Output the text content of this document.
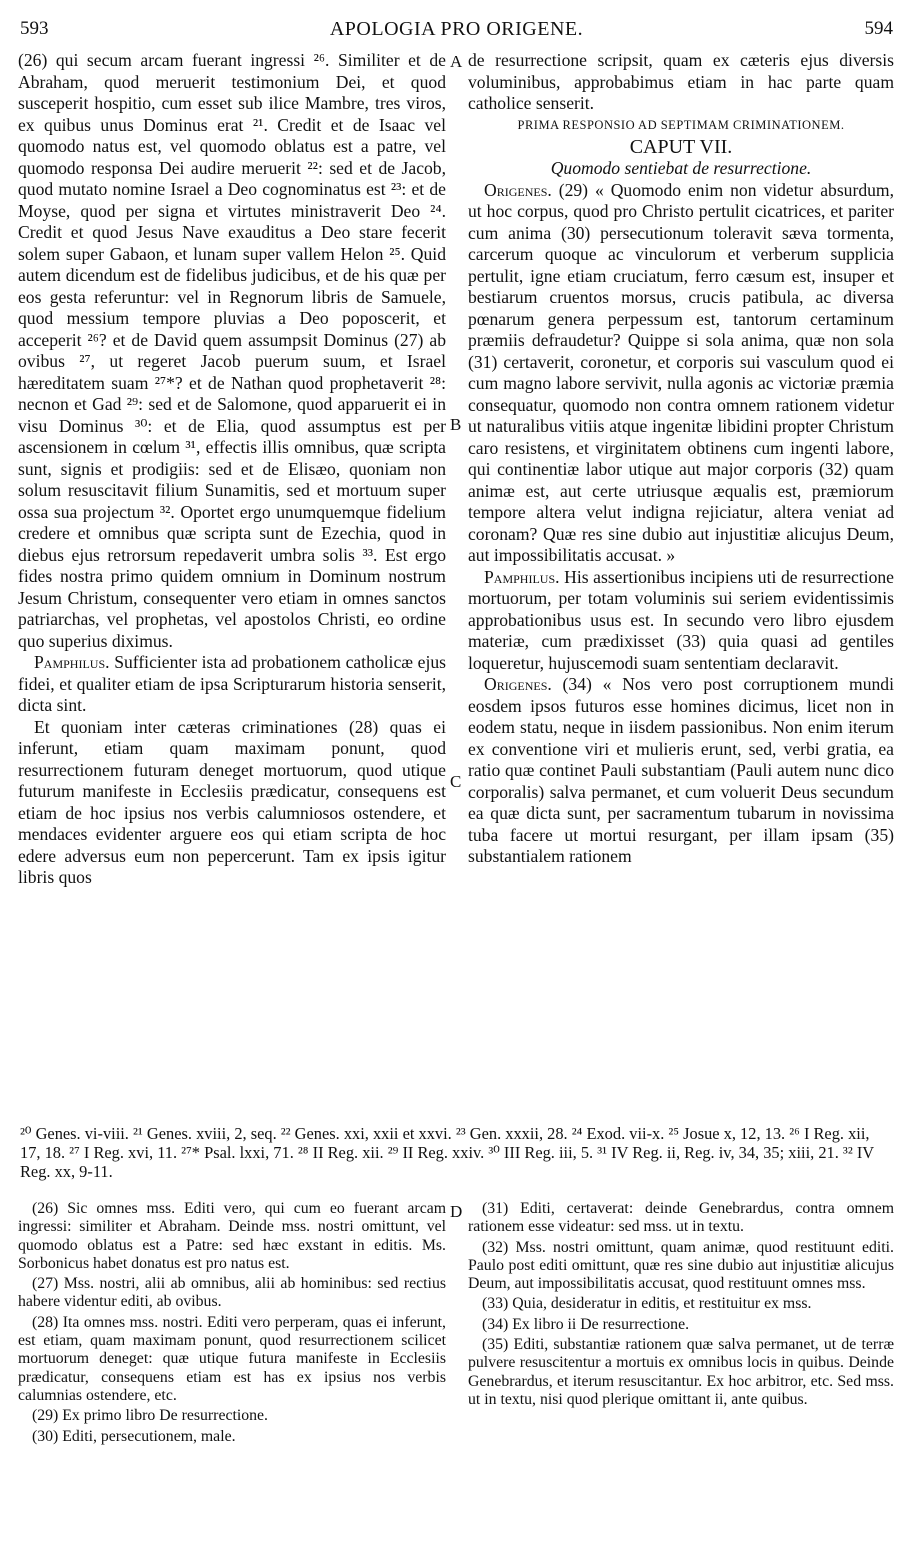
593	APOLOGIA PRO ORIGENE.	594
A
B
C
D

(26) qui secum arcam fuerant ingressi ²⁶. Similiter et de Abraham, quod meruerit testimonium Dei, et quod susceperit hospitio, cum esset sub ilice Mambre, tres viros, ex quibus unus Dominus erat ²¹. Credit et de Isaac vel quomodo natus est, vel quomodo oblatus est a patre, vel quomodo responsa Dei audire meruerit ²²: sed et de Jacob, quod mutato nomine Israel a Deo cognominatus est ²³: et de Moyse, quod per signa et virtutes ministraverit Deo ²⁴. Credit et quod Jesus Nave exauditus a Deo stare fecerit solem super Gabaon, et lunam super vallem Helon ²⁵. Quid autem dicendum est de fidelibus judicibus, et de his quæ per eos gesta referuntur: vel in Regnorum libris de Samuele, quod messium tempore pluvias a Deo poposcerit, et acceperit ²⁶? et de David quem assumpsit Dominus (27) ab ovibus ²⁷, ut regeret Jacob puerum suum, et Israel hæreditatem suam ²⁷*? et de Nathan quod prophetaverit ²⁸: necnon et Gad ²⁹: sed et de Salomone, quod apparuerit ei in visu Dominus ³⁰: et de Elia, quod assumptus est per ascensionem in cœlum ³¹, effectis illis omnibus, quæ scripta sunt, signis et prodigiis: sed et de Elisæo, quoniam non solum resuscitavit filium Sunamitis, sed et mortuum super ossa sua projectum ³². Oportet ergo unumquemque fidelium credere et omnibus quæ scripta sunt de Ezechia, quod in diebus ejus retrorsum repedaverit umbra solis ³³. Est ergo fides nostra primo quidem omnium in Dominum nostrum Jesum Christum, consequenter vero etiam in omnes sanctos patriarchas, vel prophetas, vel apostolos Christi, eo ordine quo superius diximus.

Pamphilus. Sufficienter ista ad probationem catholicæ ejus fidei, et qualiter etiam de ipsa Scripturarum historia senserit, dicta sint.

Et quoniam inter cæteras criminationes (28) quas ei inferunt, etiam quam maximam ponunt, quod resurrectionem futuram deneget mortuorum, quod utique futurum manifeste in Ecclesiis prædicatur, consequens est etiam de hoc ipsius nos verbis calumniosos ostendere, et mendaces evidenter arguere eos qui etiam scripta de hoc edere adversus eum non pepercerunt. Tam ex ipsis igitur libris quos

de resurrectione scripsit, quam ex cæteris ejus diversis voluminibus, approbabimus etiam in hac parte quam catholice senserit.

PRIMA RESPONSIO AD SEPTIMAM CRIMINATIONEM.

CAPUT VII.

Quomodo sentiebat de resurrectione.

Origenes. (29) « Quomodo enim non videtur absurdum, ut hoc corpus, quod pro Christo pertulit cicatrices, et pariter cum anima (30) persecutionum toleravit sæva tormenta, carcerum quoque ac vinculorum et verberum supplicia pertulit, igne etiam cruciatum, ferro cæsum est, insuper et bestiarum cruentos morsus, crucis patibula, ac diversa pœnarum genera perpessum est, tantorum certaminum præmiis defraudetur? Quippe si sola anima, quæ non sola (31) certaverit, coronetur, et corporis sui vasculum quod ei cum magno labore servivit, nulla agonis ac victoriæ præmia consequatur, quomodo non contra omnem rationem videtur ut naturalibus vitiis atque ingenitæ libidini propter Christum caro resistens, et virginitatem obtinens cum ingenti labore, qui continentiæ labor utique aut major corporis (32) quam animæ est, aut certe utriusque æqualis est, præmiorum tempore altera velut indigna rejiciatur, altera veniat ad coronam? Quæ res sine dubio aut injustitiæ alicujus Deum, aut impossibilitatis accusat. »

Pamphilus. His assertionibus incipiens uti de resurrectione mortuorum, per totam voluminis sui seriem evidentissimis approbationibus usus est. In secundo vero libro ejusdem materiæ, cum prædixisset (33) quia quasi ad gentiles loqueretur, hujuscemodi suam sententiam declaravit.

Origenes. (34) « Nos vero post corruptionem mundi eosdem ipsos futuros esse homines dicimus, licet non in eodem statu, neque in iisdem passionibus. Non enim iterum ex conventione viri et mulieris erunt, sed, verbi gratia, ea ratio quæ continet Pauli substantiam (Pauli autem nunc dico corporalis) salva permanet, et cum voluerit Deus secundum ea quæ dicta sunt, per sacramentum tubarum in novissima tuba facere ut mortui resurgant, per illam ipsam (35) substantialem rationem

²⁰ Genes. vi-viii. ²¹ Genes. xviii, 2, seq. ²² Genes. xxi, xxii et xxvi. ²³ Gen. xxxii, 28. ²⁴ Exod. vii-x. ²⁵ Josue x, 12, 13. ²⁶ I Reg. xii, 17, 18. ²⁷ I Reg. xvi, 11. ²⁷* Psal. lxxi, 71. ²⁸ II Reg. xii. ²⁹ II Reg. xxiv. ³⁰ III Reg. iii, 5. ³¹ IV Reg. ii, Reg. iv, 34, 35; xiii, 21. ³² IV Reg. xx, 9-11.

(26) Sic omnes mss. Editi vero, qui cum eo fuerant arcam ingressi: similiter et Abraham. Deinde mss. nostri omittunt, vel quomodo oblatus est a Patre: sed hæc exstant in editis. Ms. Sorbonicus habet donatus est pro natus est.

(27) Mss. nostri, alii ab omnibus, alii ab hominibus: sed rectius habere videntur editi, ab ovibus.

(28) Ita omnes mss. nostri. Editi vero perperam, quas ei inferunt, est etiam, quam maximam ponunt, quod resurrectionem scilicet mortuorum deneget: quæ utique futura manifeste in Ecclesiis prædicatur, consequens etiam est has ex ipsius nos verbis calumnias ostendere, etc.

(29) Ex primo libro De resurrectione.

(30) Editi, persecutionem, male.

(31) Editi, certaverat: deinde Genebrardus, contra omnem rationem esse videatur: sed mss. ut in textu.

(32) Mss. nostri omittunt, quam animæ, quod restituunt editi. Paulo post editi omittunt, quæ res sine dubio aut injustitiæ alicujus Deum, aut impossibilitatis accusat, quod restituunt omnes mss.

(33) Quia, desideratur in editis, et restituitur ex mss.

(34) Ex libro ii De resurrectione.

(35) Editi, substantiæ rationem quæ salva permanet, ut de terræ pulvere resuscitentur a mortuis ex omnibus locis in quibus. Deinde Genebrardus, et iterum resuscitantur. Ex hoc arbitror, etc. Sed mss. ut in textu, nisi quod plerique omittant ii, ante quibus.
